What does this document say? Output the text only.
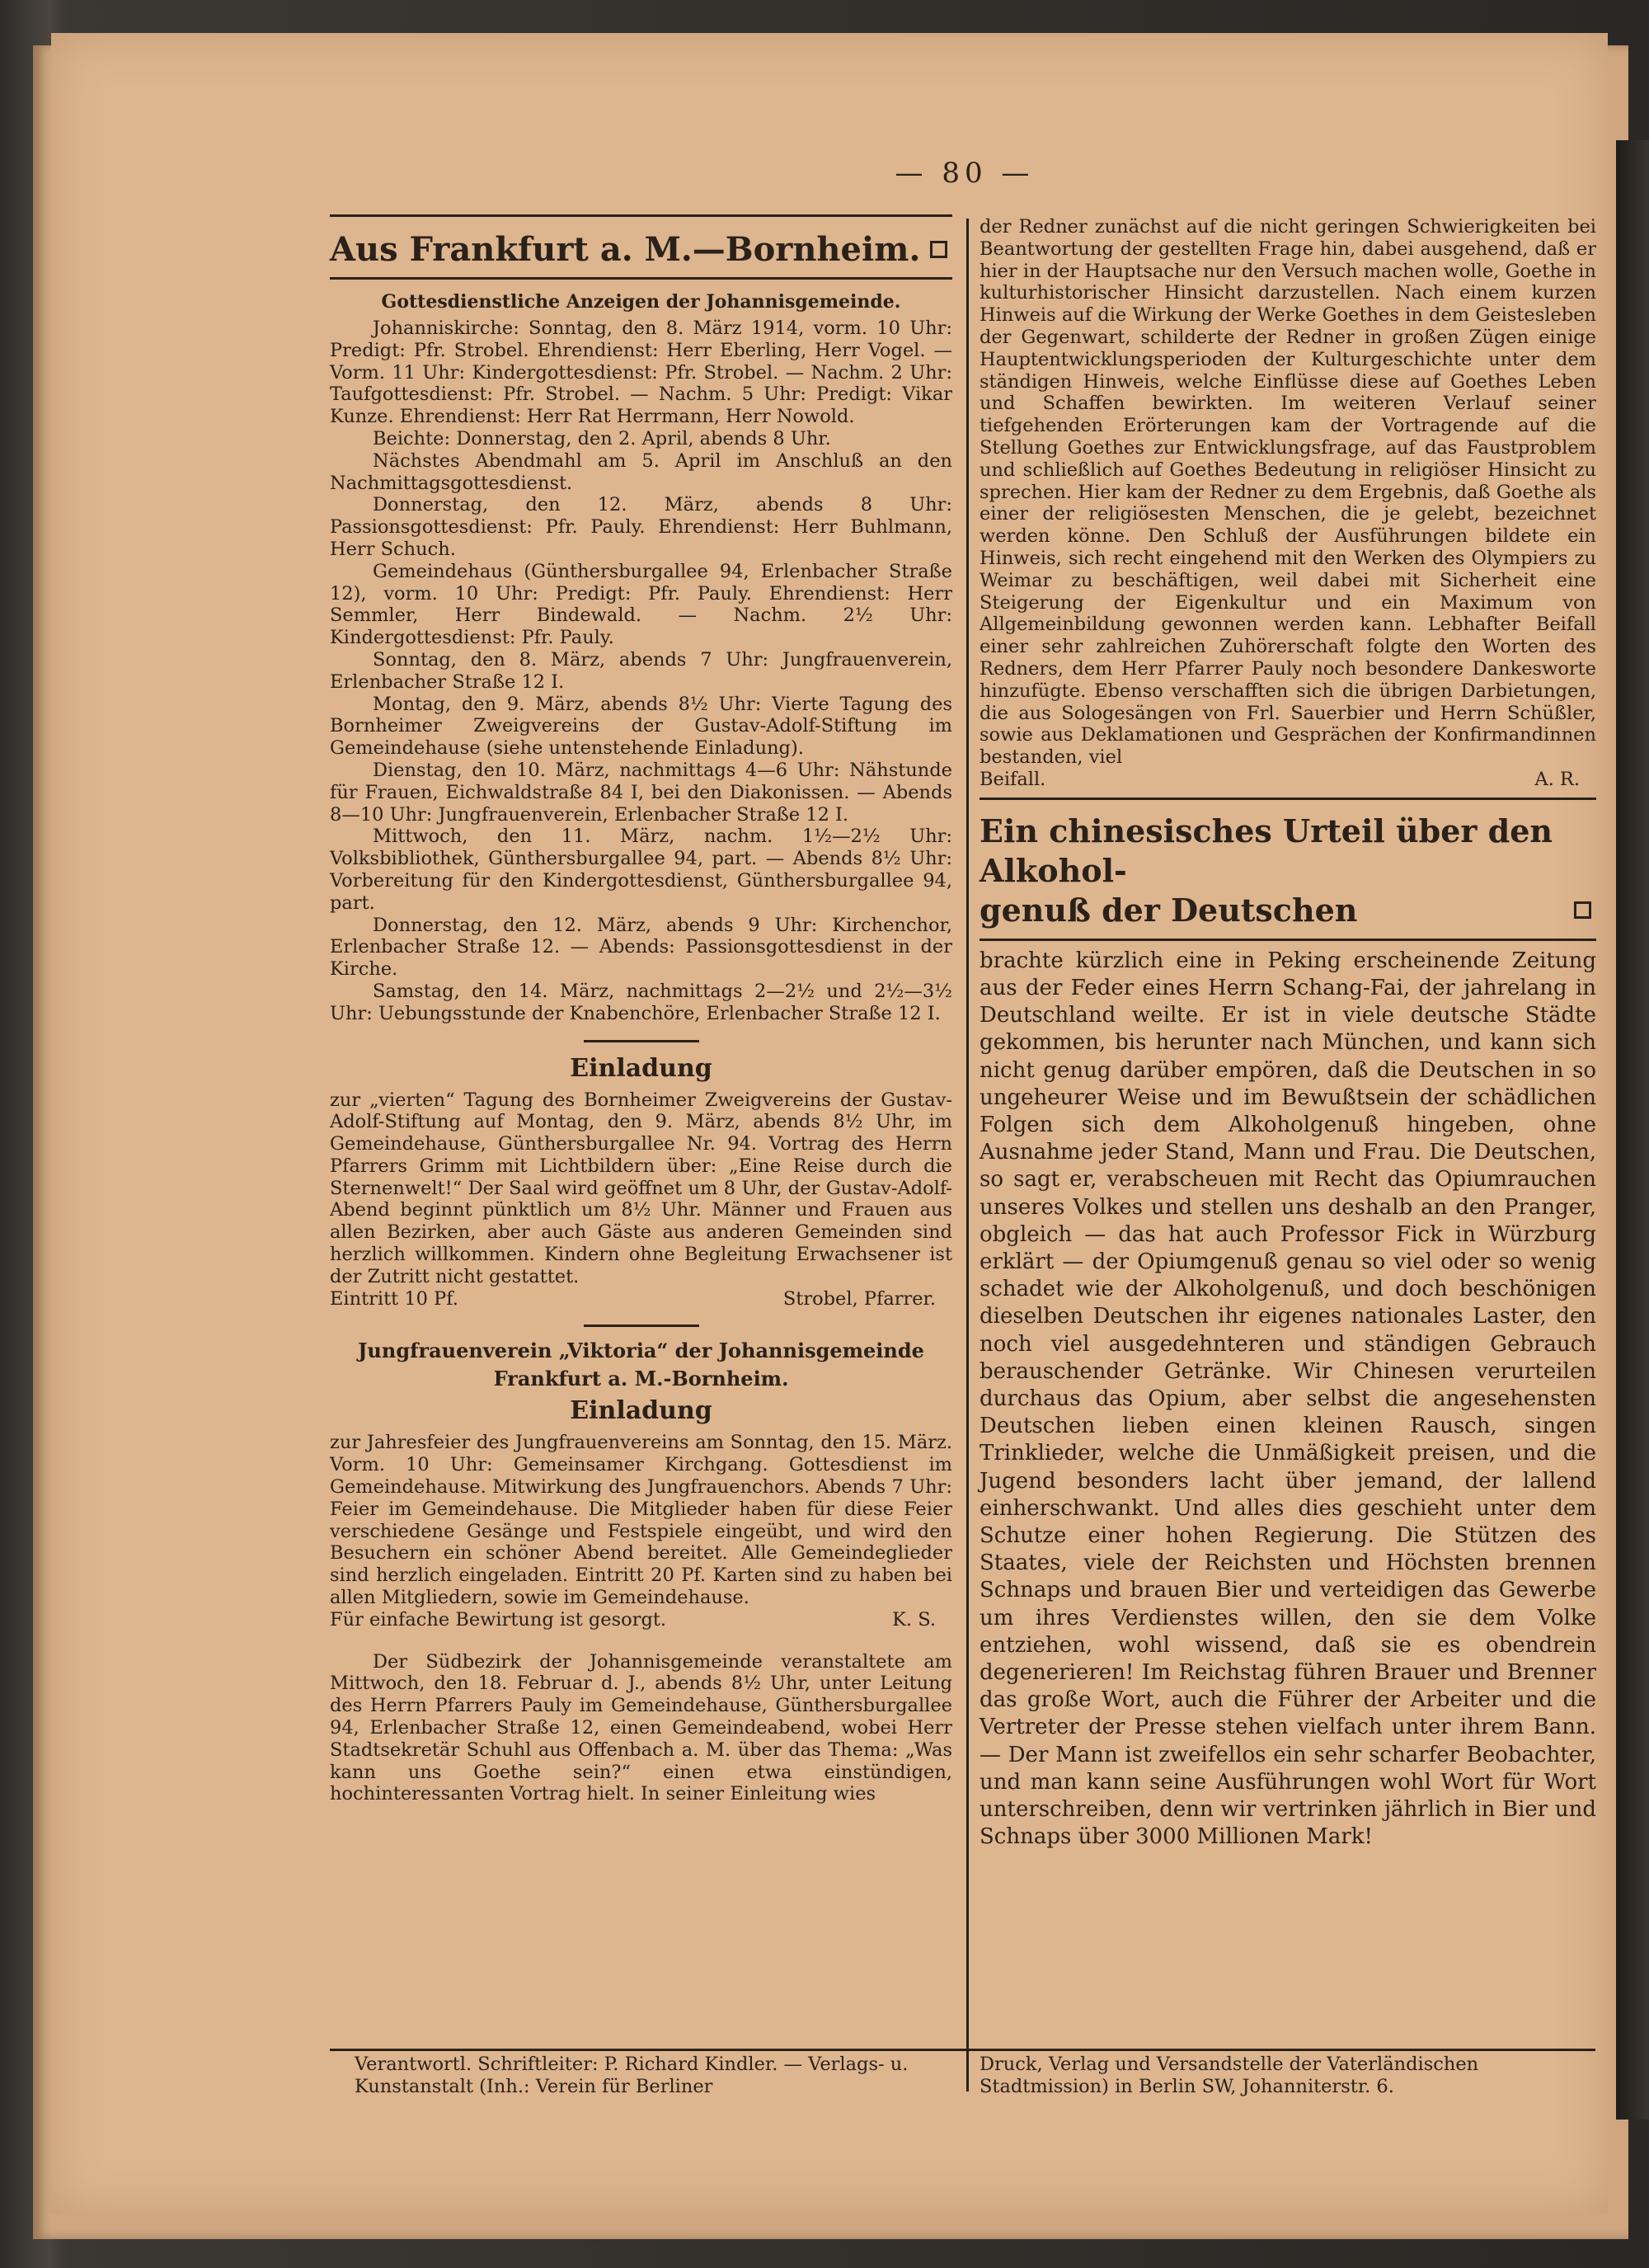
— 80 —
Aus Frankfurt a. M.—Bornheim.
Gottesdienstliche Anzeigen der Johannisgemeinde.

Johanniskirche: Sonntag, den 8. März 1914, vorm. 10 Uhr: Predigt: Pfr. Strobel. Ehrendienst: Herr Eberling, Herr Vogel. — Vorm. 11 Uhr: Kindergottesdienst: Pfr. Strobel. — Nachm. 2 Uhr: Taufgottesdienst: Pfr. Strobel. — Nachm. 5 Uhr: Predigt: Vikar Kunze. Ehrendienst: Herr Rat Herrmann, Herr Nowold.

Beichte: Donnerstag, den 2. April, abends 8 Uhr.

Nächstes Abendmahl am 5. April im Anschluß an den Nachmittagsgottesdienst.

Donnerstag, den 12. März, abends 8 Uhr: Passionsgottesdienst: Pfr. Pauly. Ehrendienst: Herr Buhlmann, Herr Schuch.

Gemeindehaus (Günthersburgallee 94, Erlenbacher Straße 12), vorm. 10 Uhr: Predigt: Pfr. Pauly. Ehrendienst: Herr Semmler, Herr Bindewald. — Nachm. 2½ Uhr: Kindergottesdienst: Pfr. Pauly.

Sonntag, den 8. März, abends 7 Uhr: Jungfrauenverein, Erlenbacher Straße 12 I.

Montag, den 9. März, abends 8½ Uhr: Vierte Tagung des Bornheimer Zweigvereins der Gustav-Adolf-Stiftung im Gemeindehause (siehe untenstehende Einladung).

Dienstag, den 10. März, nachmittags 4—6 Uhr: Nähstunde für Frauen, Eichwaldstraße 84 I, bei den Diakonissen. — Abends 8—10 Uhr: Jungfrauenverein, Erlenbacher Straße 12 I.

Mittwoch, den 11. März, nachm. 1½—2½ Uhr: Volksbibliothek, Günthersburgallee 94, part. — Abends 8½ Uhr: Vorbereitung für den Kindergottesdienst, Günthersburgallee 94, part.

Donnerstag, den 12. März, abends 9 Uhr: Kirchenchor, Erlenbacher Straße 12. — Abends: Passionsgottesdienst in der Kirche.

Samstag, den 14. März, nachmittags 2—2½ und 2½—3½ Uhr: Uebungsstunde der Knabenchöre, Erlenbacher Straße 12 I.

Einladung

zur „vierten“ Tagung des Bornheimer Zweigvereins der Gustav-Adolf-Stiftung auf Montag, den 9. März, abends 8½ Uhr, im Gemeindehause, Günthersburgallee Nr. 94. Vortrag des Herrn Pfarrers Grimm mit Lichtbildern über: „Eine Reise durch die Sternenwelt!“ Der Saal wird geöffnet um 8 Uhr, der Gustav-Adolf-Abend beginnt pünktlich um 8½ Uhr. Männer und Frauen aus allen Bezirken, aber auch Gäste aus anderen Gemeinden sind herzlich willkommen. Kindern ohne Begleitung Erwachsener ist der Zutritt nicht gestattet.

Eintritt 10 Pf.	Strobel, Pfarrer.
Jungfrauenverein „Viktoria“ der Johannisgemeinde
Frankfurt a. M.-Bornheim.
Einladung

zur Jahresfeier des Jungfrauenvereins am Sonntag, den 15. März. Vorm. 10 Uhr: Gemeinsamer Kirchgang. Gottesdienst im Gemeindehause. Mitwirkung des Jungfrauenchors. Abends 7 Uhr: Feier im Gemeindehause. Die Mitglieder haben für diese Feier verschiedene Gesänge und Festspiele eingeübt, und wird den Besuchern ein schöner Abend bereitet. Alle Gemeindeglieder sind herzlich eingeladen. Eintritt 20 Pf. Karten sind zu haben bei allen Mitgliedern, sowie im Gemeindehause.

Für einfache Bewirtung ist gesorgt.	K. S.

Der Südbezirk der Johannisgemeinde veranstaltete am Mittwoch, den 18. Februar d. J., abends 8½ Uhr, unter Leitung des Herrn Pfarrers Pauly im Gemeindehause, Günthersburgallee 94, Erlenbacher Straße 12, einen Gemeindeabend, wobei Herr Stadtsekretär Schuhl aus Offenbach a. M. über das Thema: „Was kann uns Goethe sein?“ einen etwa einstündigen, hochinteressanten Vortrag hielt. In seiner Einleitung wies

der Redner zunächst auf die nicht geringen Schwierigkeiten bei Beantwortung der gestellten Frage hin, dabei ausgehend, daß er hier in der Hauptsache nur den Versuch machen wolle, Goethe in kulturhistorischer Hinsicht darzustellen. Nach einem kurzen Hinweis auf die Wirkung der Werke Goethes in dem Geistesleben der Gegenwart, schilderte der Redner in großen Zügen einige Hauptentwicklungsperioden der Kulturgeschichte unter dem ständigen Hinweis, welche Einflüsse diese auf Goethes Leben und Schaffen bewirkten. Im weiteren Verlauf seiner tiefgehenden Erörterungen kam der Vortragende auf die Stellung Goethes zur Entwicklungsfrage, auf das Faustproblem und schließlich auf Goethes Bedeutung in religiöser Hinsicht zu sprechen. Hier kam der Redner zu dem Ergebnis, daß Goethe als einer der religiösesten Menschen, die je gelebt, bezeichnet werden könne. Den Schluß der Ausführungen bildete ein Hinweis, sich recht eingehend mit den Werken des Olympiers zu Weimar zu beschäftigen, weil dabei mit Sicherheit eine Steigerung der Eigenkultur und ein Maximum von Allgemeinbildung gewonnen werden kann. Lebhafter Beifall einer sehr zahlreichen Zuhörerschaft folgte den Worten des Redners, dem Herr Pfarrer Pauly noch besondere Dankesworte hinzufügte. Ebenso verschafften sich die übrigen Darbietungen, die aus Sologesängen von Frl. Sauerbier und Herrn Schüßler, sowie aus Deklamationen und Gesprächen der Konfirmandinnen bestanden, viel

Beifall.	A. R.
Ein chinesisches Urteil über den Alkohol-
genuß der Deutschen

brachte kürzlich eine in Peking erscheinende Zeitung aus der Feder eines Herrn Schang-Fai, der jahrelang in Deutschland weilte. Er ist in viele deutsche Städte gekommen, bis herunter nach München, und kann sich nicht genug darüber empören, daß die Deutschen in so ungeheurer Weise und im Bewußtsein der schädlichen Folgen sich dem Alkoholgenuß hingeben, ohne Ausnahme jeder Stand, Mann und Frau. Die Deutschen, so sagt er, verabscheuen mit Recht das Opiumrauchen unseres Volkes und stellen uns deshalb an den Pranger, obgleich — das hat auch Professor Fick in Würzburg erklärt — der Opiumgenuß genau so viel oder so wenig schadet wie der Alkoholgenuß, und doch beschönigen dieselben Deutschen ihr eigenes nationales Laster, den noch viel ausgedehnteren und ständigen Gebrauch berauschender Getränke. Wir Chinesen verurteilen durchaus das Opium, aber selbst die angesehensten Deutschen lieben einen kleinen Rausch, singen Trinklieder, welche die Unmäßigkeit preisen, und die Jugend besonders lacht über jemand, der lallend einherschwankt. Und alles dies geschieht unter dem Schutze einer hohen Regierung. Die Stützen des Staates, viele der Reichsten und Höchsten brennen Schnaps und brauen Bier und verteidigen das Gewerbe um ihres Verdienstes willen, den sie dem Volke entziehen, wohl wissend, daß sie es obendrein degenerieren! Im Reichstag führen Brauer und Brenner das große Wort, auch die Führer der Arbeiter und die Vertreter der Presse stehen vielfach unter ihrem Bann. — Der Mann ist zweifellos ein sehr scharfer Beobachter, und man kann seine Ausführungen wohl Wort für Wort unterschreiben, denn wir vertrinken jährlich in Bier und Schnaps über 3000 Millionen Mark!

Verantwortl. Schriftleiter: P. Richard Kindler. — Verlags- u. Kunstanstalt (Inh.: Verein für Berliner
Druck, Verlag und Versandstelle der Vaterländischen Stadtmission) in Berlin SW, Johanniterstr. 6.
